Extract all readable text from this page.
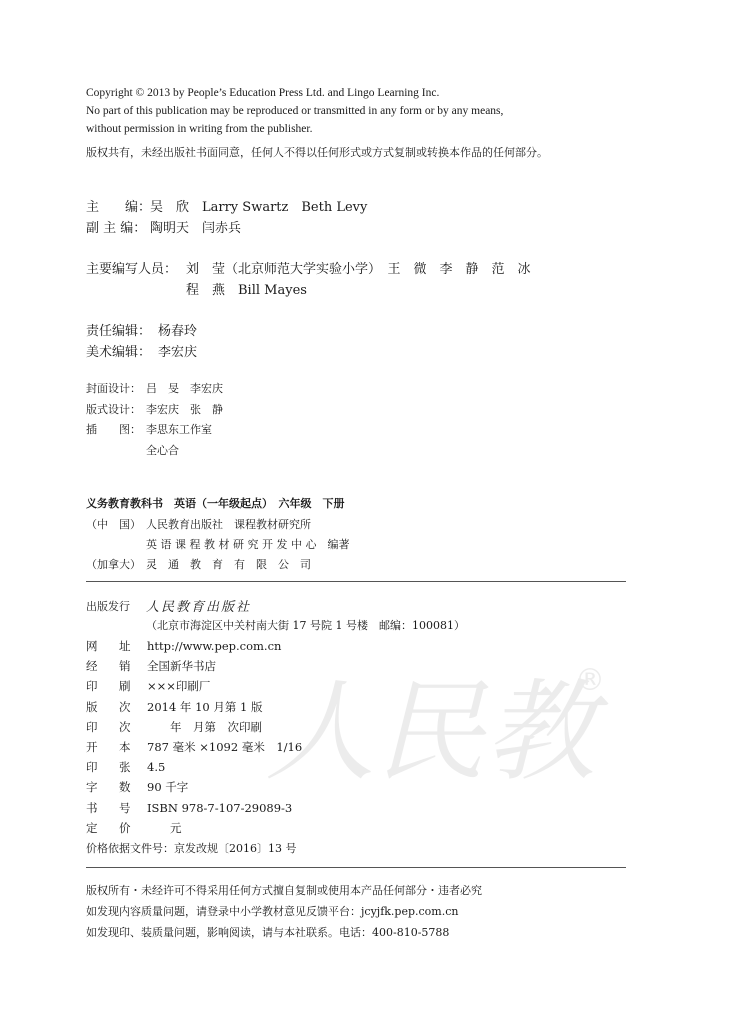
人民教
®
Copyright © 2013 by People’s Education Press Ltd. and Lingo Learning Inc.
No part of this publication may be reproduced or transmitted in any form or by any means,
without permission in writing from the publisher.
版权共有，未经出版社书面同意，任何人不得以任何形式或方式复制或转换本作品的任何部分。
主　　编：
吴　欣　Larry Swartz　Beth Levy
副 主 编： 陶明天　闫赤兵
主要编写人员： 刘　莹（北京师范大学实验小学）　王　微　李　静　范　冰
程　燕　Bill Mayes
责任编辑： 杨春玲
美术编辑： 李宏庆
封面设计： 吕　旻　李宏庆
版式设计： 李宏庆　张　静
插　　图： 李思东工作室
全心合
义务教育教科书　英语（一年级起点）　六年级　下册
（中　国） 人民教育出版社　课程教材研究所
英 语 课 程 教 材 研 究 开 发 中 心　编著
（加拿大） 灵　通　教　育　有　限　公　司
出版发行 人民教育出版社
（北京市海淀区中关村南大街 17 号院 1 号楼　邮编：100081）
网 址 http://www.pep.com.cn
经 销 全国新华书店
印 刷 ×××印刷厂
版 次 2014 年 10 月第 1 版
印 次 　　年　月第　次印刷
开 本 787 毫米 ×1092 毫米　1/16
印 张 4.5
字 数 90 千字
书 号 ISBN 978-7-107-29089-3
定 价 　　元
价格依据文件号：京发改规〔2016〕13 号
版权所有・未经许可不得采用任何方式擅自复制或使用本产品任何部分・违者必究
如发现内容质量问题，请登录中小学教材意见反馈平台：jcyjfk.pep.com.cn
如发现印、装质量问题，影响阅读，请与本社联系。电话：400-810-5788
